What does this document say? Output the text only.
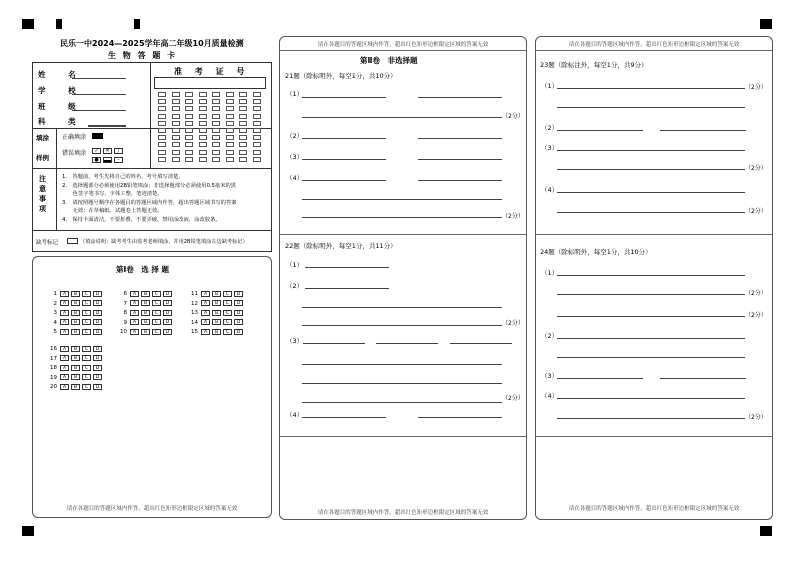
民乐一中2024—2025学年高二年级10月质量检测
生 物 答 题 卡
姓 名
学 校
班 级
科 类
准 考 证 号
填涂
样例
正确填涂
错误填涂	✓ ✕ ∕
●	–
注 意 事 项
1.　答题前，考生先将自己的姓名、考号填写清楚。
2.　选择题部分必须使用2B铅笔填涂；非选择题部分必须使用0.5毫米的黑
　　色签字笔书写，字体工整，笔迹清楚。
3.　请按照题号顺序在各题目的答题区域内作答，超出答题区域书写的答案
　　无效；在草稿纸、试题卷上答题无效。
4.　保持卡面清洁，不要折叠，不要弄破，禁用涂改液，涂改胶条。
缺考标记	（填涂说明：缺考考生由监考老师填涂，并用2B铅笔填涂左边缺考标记）
第Ⅰ卷　选 择 题
1 A B C D
2 A B C D
3 A B C D
4 A B C D
5 A B C D
6 A B C D
7 A B C D
8 A B C D
9 A B C D
10 A B C D
11 A B C D
12 A B C D
13 A B C D
14 A B C D
15 A B C D
16 A B C D
17 A B C D
18 A B C D
19 A B C D
20 A B C D
请在各题目的答题区域内作答，超出红色矩形边框限定区域的答案无效
请在各题目的答题区域内作答，超出红色矩形边框限定区域的答案无效
第Ⅱ卷　非选择题
21题（除标明外，每空1分，共10分）
（1）
（2分）
（2）
（3）
（4）
（2分）
22题（除标明外，每空1分，共11分）
（1）
（2）
（2分）
（3）
（2分）
（4）
请在各题目的答题区域内作答，超出红色矩形边框限定区域的答案无效
请在各题目的答题区域内作答，超出红色矩形边框限定区域的答案无效
23题（除标注外，每空1分，共9分）
（1）	（2分）
（2）
（3）
（2分）
（4）
（2分）
24题（除标明外，每空1分，共10分）
（1）
（2分）
（2分）
（2）
（3）
（4）
（2分）
请在各题目的答题区域内作答，超出红色矩形边框限定区域的答案无效
